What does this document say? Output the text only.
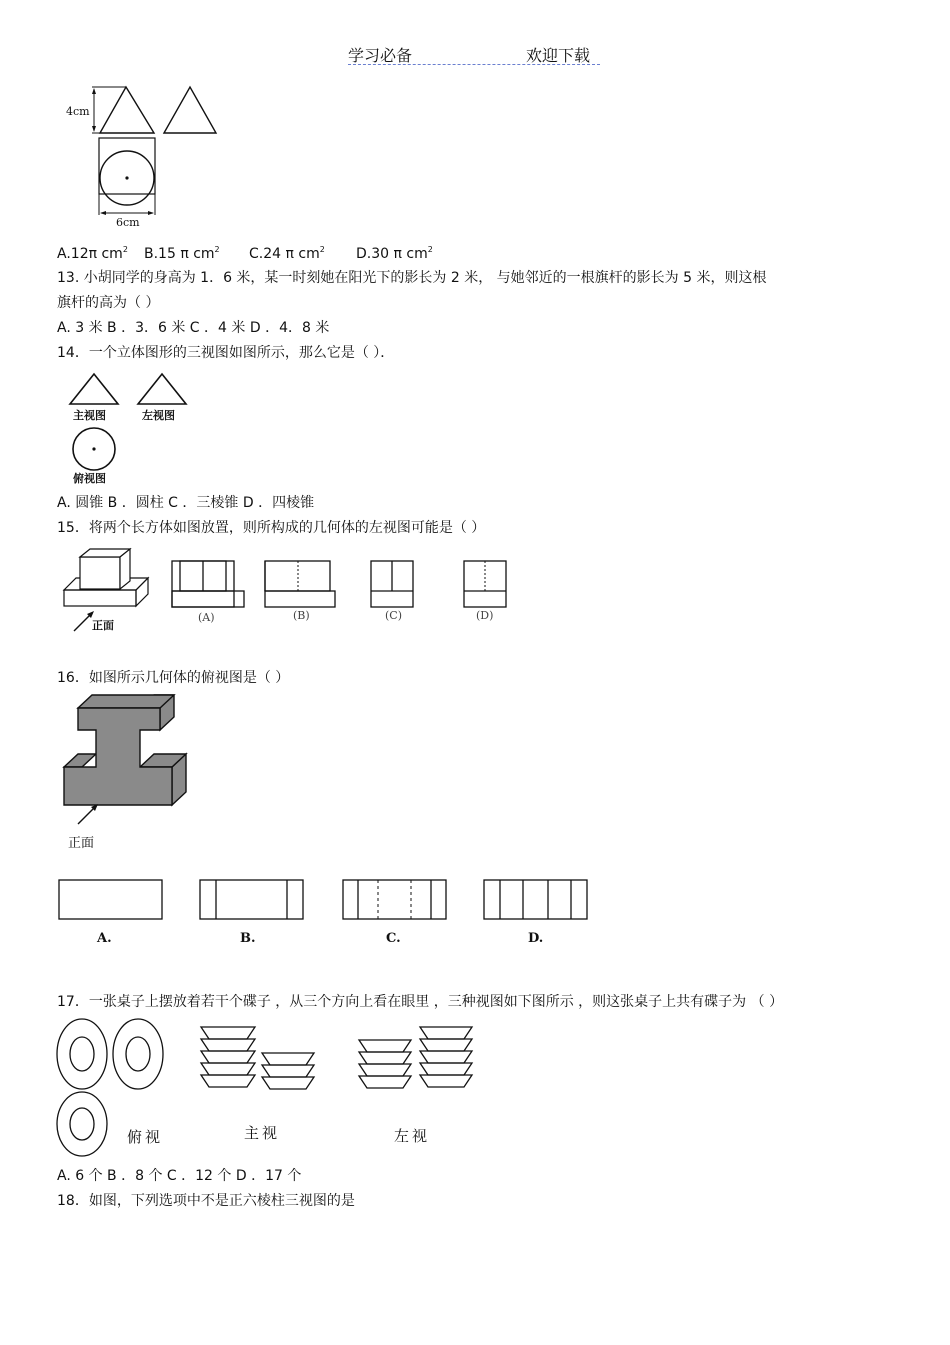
学习必备	欢迎下载
4cm
6cm
A.12π $cm^2$ B.15 π $cm^2$ C.24 π $cm^2$ D.30 π $cm^2$
13. 小胡同学的身高为 1．6 米，某一时刻她在阳光下的影长为 2 米， 与她邻近的一根旗杆的影长为 5 米，则这根
旗杆的高为（ ）
A. 3 米 B ．3．6 米 C ．4 米 D ．4．8 米
14．一个立体图形的三视图如图所示，那么它是（ ）．
主视图	左视图
俯视图
A. 圆锥 B ．圆柱 C ．三棱锥 D ．四棱锥
15．将两个长方体如图放置，则所构成的几何体的左视图可能是（ ）
正面
(A)	(B)	(C)	(D)
16．如图所示几何体的俯视图是（ ）
正面
A.	B.	C.	D.
17．一张桌子上摆放着若干个碟子 ，从三个方向上看在眼里 ，三种视图如下图所示 ，则这张桌子上共有碟子为 （ ）
俯视	主视	左视
A. 6 个 B ．8 个 C ．12 个 D ．17 个
18．如图，下列选项中不是正六棱柱三视图的是
